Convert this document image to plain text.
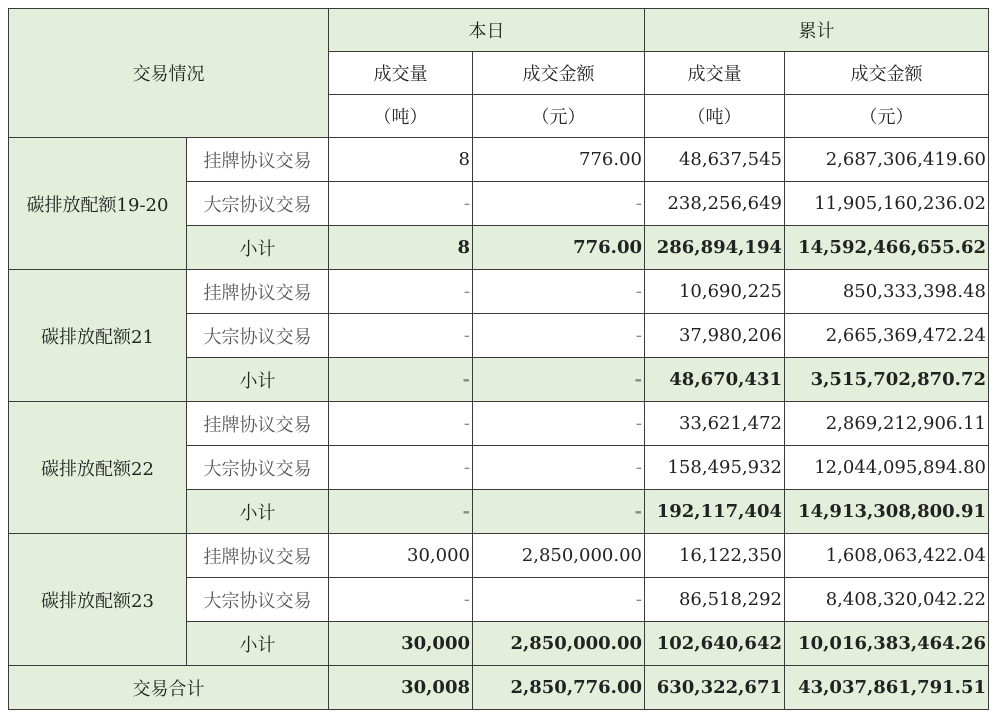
交易情况		本日		累计	
		成交量	成交金额	成交量	成交金额
		（吨）	（元）	（吨）	（元）
碳排放配额19-20	挂牌协议交易	8	776.00	48,637,545	2,687,306,419.60
	大宗协议交易	-	-	238,256,649	11,905,160,236.02
	小计	8	776.00	286,894,194	14,592,466,655.62
碳排放配额21	挂牌协议交易	-	-	10,690,225	850,333,398.48
	大宗协议交易	-	-	37,980,206	2,665,369,472.24
	小计	-	-	48,670,431	3,515,702,870.72
碳排放配额22	挂牌协议交易	-	-	33,621,472	2,869,212,906.11
	大宗协议交易	-	-	158,495,932	12,044,095,894.80
	小计	-	-	192,117,404	14,913,308,800.91
碳排放配额23	挂牌协议交易	30,000	2,850,000.00	16,122,350	1,608,063,422.04
	大宗协议交易	-	-	86,518,292	8,408,320,042.22
	小计	30,000	2,850,000.00	102,640,642	10,016,383,464.26
交易合计		30,008	2,850,776.00	630,322,671	43,037,861,791.51
